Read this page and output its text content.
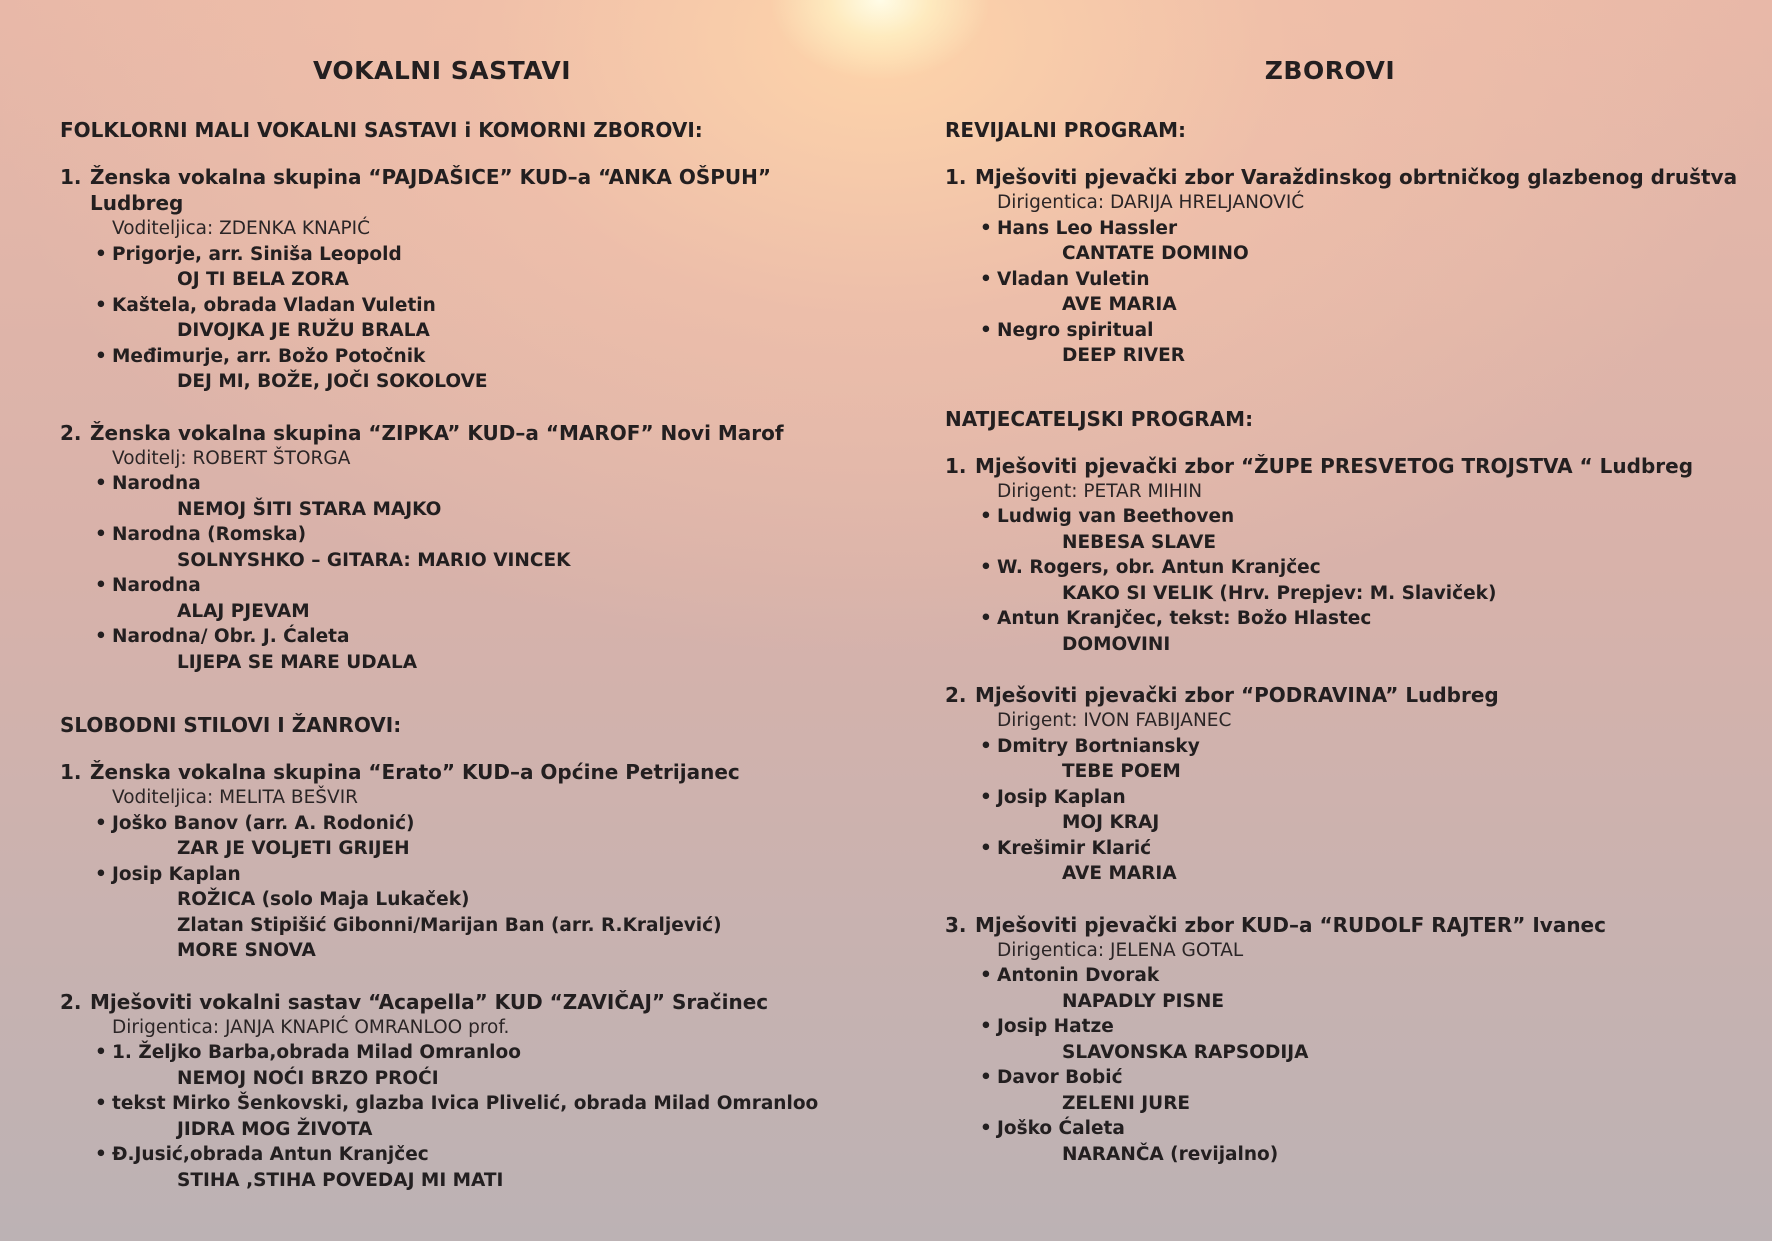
VOKALNI SASTAVI
FOLKLORNI MALI VOKALNI SASTAVI i KOMORNI ZBOROVI:

1. Ženska vokalna skupina “PAJDAŠICE” KUD–a “ANKA OŠPUH” Ludbreg

Voditeljica: ZDENKA KNAPIĆ

• Prigorje, arr. Siniša Leopold
OJ TI BELA ZORA
• Kaštela, obrada Vladan Vuletin
DIVOJKA JE RUŽU BRALA
• Međimurje, arr. Božo Potočnik
DEJ MI, BOŽE, JOČI SOKOLOVE

2. Ženska vokalna skupina “ZIPKA” KUD–a “MAROF” Novi Marof

Voditelj: ROBERT ŠTORGA

• Narodna
NEMOJ ŠITI STARA MAJKO
• Narodna (Romska)
SOLNYSHKO – GITARA: MARIO VINCEK
• Narodna
ALAJ PJEVAM
• Narodna/ Obr. J. Ćaleta
LIJEPA SE MARE UDALA
SLOBODNI STILOVI I ŽANROVI:

1. Ženska vokalna skupina “Erato” KUD–a Općine Petrijanec

Voditeljica: MELITA BEŠVIR

• Joško Banov (arr. A. Rodonić)
ZAR JE VOLJETI GRIJEH
• Josip Kaplan
ROŽICA (solo Maja Lukaček)
Zlatan Stipišić Gibonni/Marijan Ban (arr. R.Kraljević)
MORE SNOVA

2. Mješoviti vokalni sastav “Acapella” KUD “ZAVIČAJ” Sračinec

Dirigentica: JANJA KNAPIĆ OMRANLOO prof.

• 1. Željko Barba,obrada Milad Omranloo
NEMOJ NOĆI BRZO PROĆI
• tekst Mirko Šenkovski, glazba Ivica Plivelić, obrada Milad Omranloo
JIDRA MOG ŽIVOTA
• Đ.Jusić,obrada Antun Kranjčec
STIHA ,STIHA POVEDAJ MI MATI
ZBOROVI
REVIJALNI PROGRAM:

1. Mješoviti pjevački zbor Varaždinskog obrtničkog glazbenog društva

Dirigentica: DARIJA HRELJANOVIĆ

• Hans Leo Hassler
CANTATE DOMINO
• Vladan Vuletin
AVE MARIA
• Negro spiritual
DEEP RIVER
NATJECATELJSKI PROGRAM:

1. Mješoviti pjevački zbor “ŽUPE PRESVETOG TROJSTVA “ Ludbreg

Dirigent: PETAR MIHIN

• Ludwig van Beethoven
NEBESA SLAVE
• W. Rogers, obr. Antun Kranjčec
KAKO SI VELIK (Hrv. Prepjev: M. Slaviček)
• Antun Kranjčec, tekst: Božo Hlastec
DOMOVINI

2. Mješoviti pjevački zbor “PODRAVINA” Ludbreg

Dirigent: IVON FABIJANEC

• Dmitry Bortniansky
TEBE POEM
• Josip Kaplan
MOJ KRAJ
• Krešimir Klarić
AVE MARIA

3. Mješoviti pjevački zbor KUD–a “RUDOLF RAJTER” Ivanec

Dirigentica: JELENA GOTAL

• Antonin Dvorak
NAPADLY PISNE
• Josip Hatze
SLAVONSKA RAPSODIJA
• Davor Bobić
ZELENI JURE
• Joško Ćaleta
NARANČA (revijalno)
